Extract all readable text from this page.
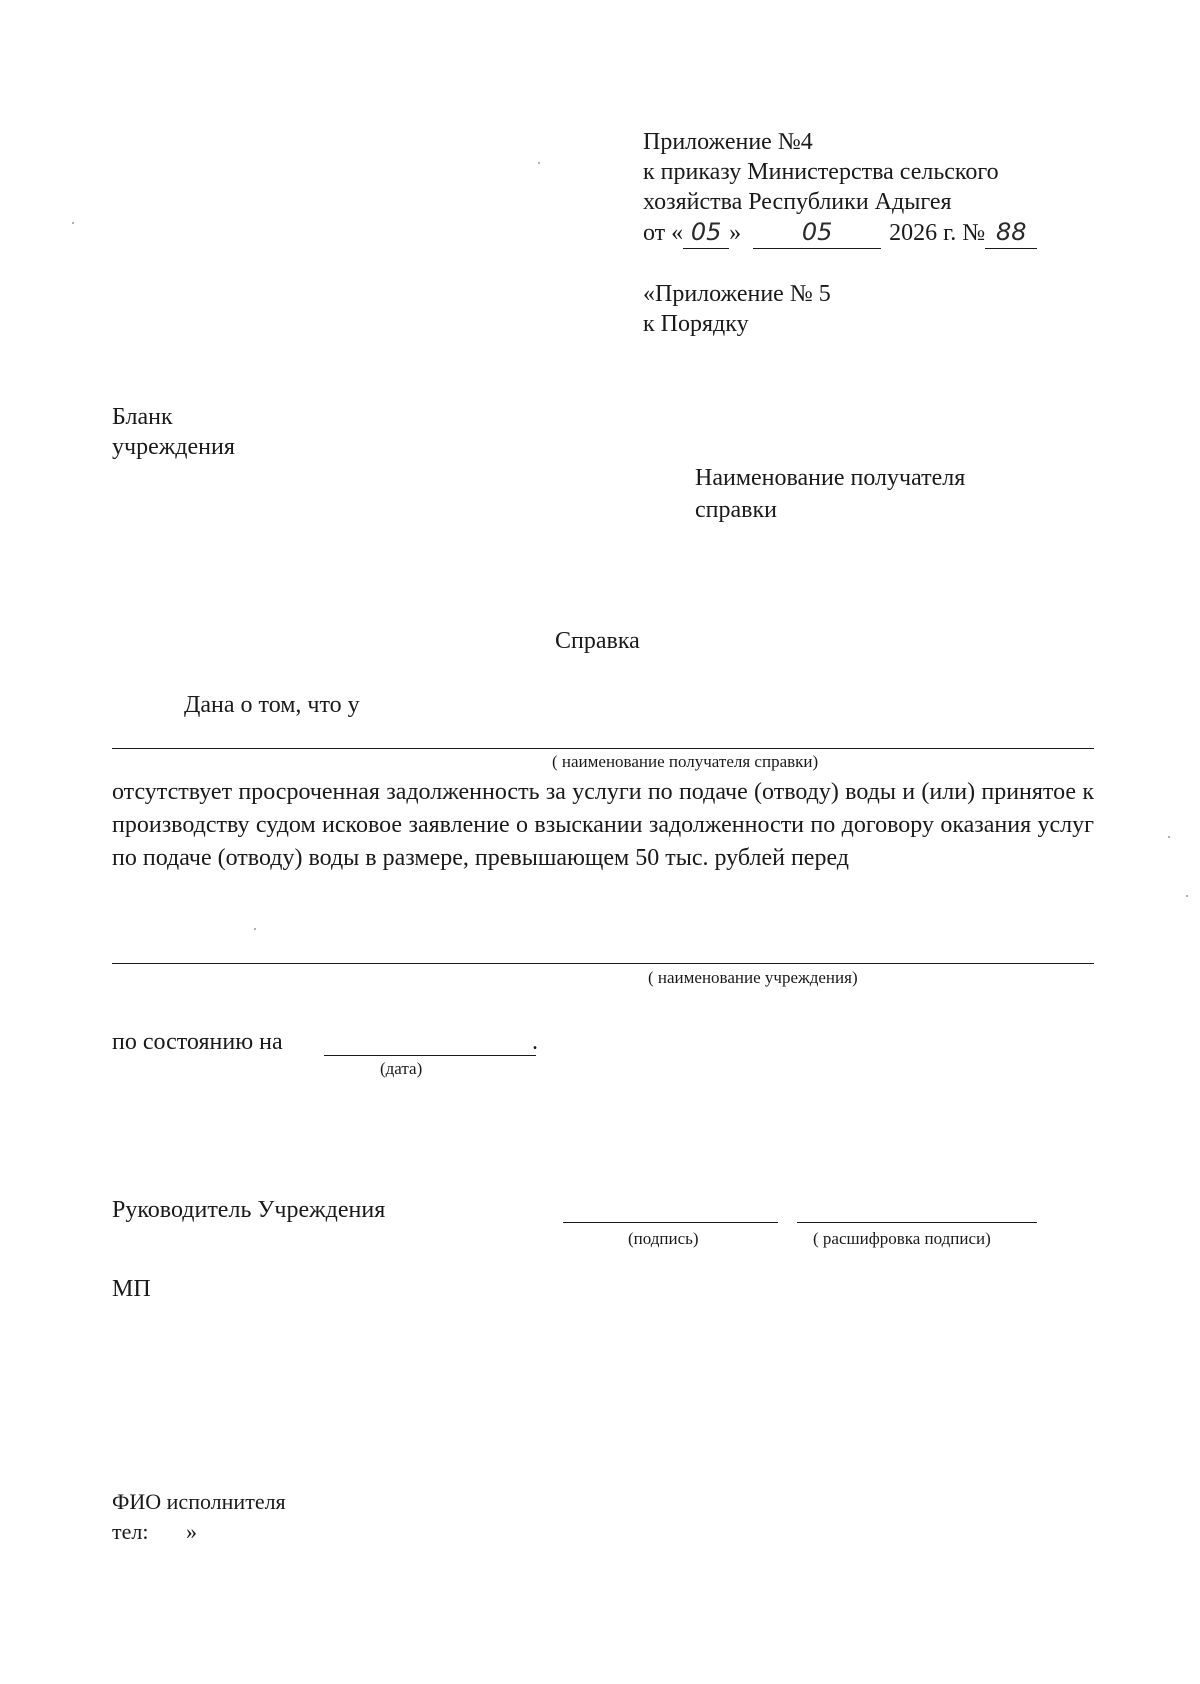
Приложение №4
к приказу Министерства сельского
хозяйства Республики Адыгея
от « 05 »	05 2026 г. № 88
«Приложение № 5
к Порядку
Бланк
учреждения
Наименование получателя
справки
Справка
Дана о том, что у
( наименование получателя справки)
отсутствует просроченная задолженность за услуги по подаче (отводу) воды и (или) принятое к производству судом исковое заявление о взыскании задолженности по договору оказания услуг по подаче (отводу) воды в размере, превышающем 50 тыс. рублей перед
( наименование учреждения)
по состоянию на	.
(дата)
Руководитель Учреждения
(подпись)	( расшифровка подписи)
МП
ФИО исполнителя
тел: »
